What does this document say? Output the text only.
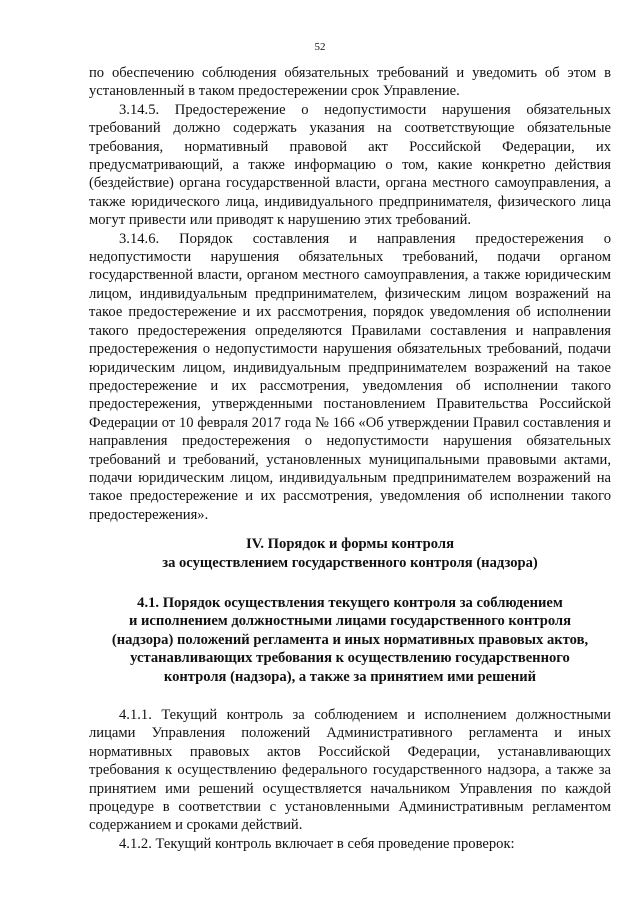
52

по обеспечению соблюдения обязательных требований и уведомить об этом в установленный в таком предостережении срок Управление.

3.14.5. Предостережение о недопустимости нарушения обязательных требований должно содержать указания на соответствующие обязательные требования, нормативный правовой акт Российской Федерации, их предусматривающий, а также информацию о том, какие конкретно действия (бездействие) органа государственной власти, органа местного самоуправления, а также юридического лица, индивидуального предпринимателя, физического лица могут привести или приводят к нарушению этих требований.

3.14.6. Порядок составления и направления предостережения о недопустимости нарушения обязательных требований, подачи органом государственной власти, органом местного самоуправления, а также юридическим лицом, индивидуальным предпринимателем, физическим лицом возражений на такое предостережение и их рассмотрения, порядок уведомления об исполнении такого предостережения определяются Правилами составления и направления предостережения о недопустимости нарушения обязательных требований, подачи юридическим лицом, индивидуальным предпринимателем возражений на такое предостережение и их рассмотрения, уведомления об исполнении такого предостережения, утвержденными постановлением Правительства Российской Федерации от 10 февраля 2017 года № 166 «Об утверждении Правил составления и направления предостережения о недопустимости нарушения обязательных требований и требований, установленных муниципальными правовыми актами, подачи юридическим лицом, индивидуальным предпринимателем возражений на такое предостережение и их рассмотрения, уведомления об исполнении такого предостережения».

IV. Порядок и формы контроля
за осуществлением государственного контроля (надзора)
4.1. Порядок осуществления текущего контроля за соблюдением
и исполнением должностными лицами государственного контроля
(надзора) положений регламента и иных нормативных правовых актов,
устанавливающих требования к осуществлению государственного
контроля (надзора), а также за принятием ими решений

4.1.1. Текущий контроль за соблюдением и исполнением должностными лицами Управления положений Административного регламента и иных нормативных правовых актов Российской Федерации, устанавливающих требования к осуществлению федерального государственного надзора, а также за принятием ими решений осуществляется начальником Управления по каждой процедуре в соответствии с установленными Административным регламентом содержанием и сроками действий.

4.1.2. Текущий контроль включает в себя проведение проверок:
